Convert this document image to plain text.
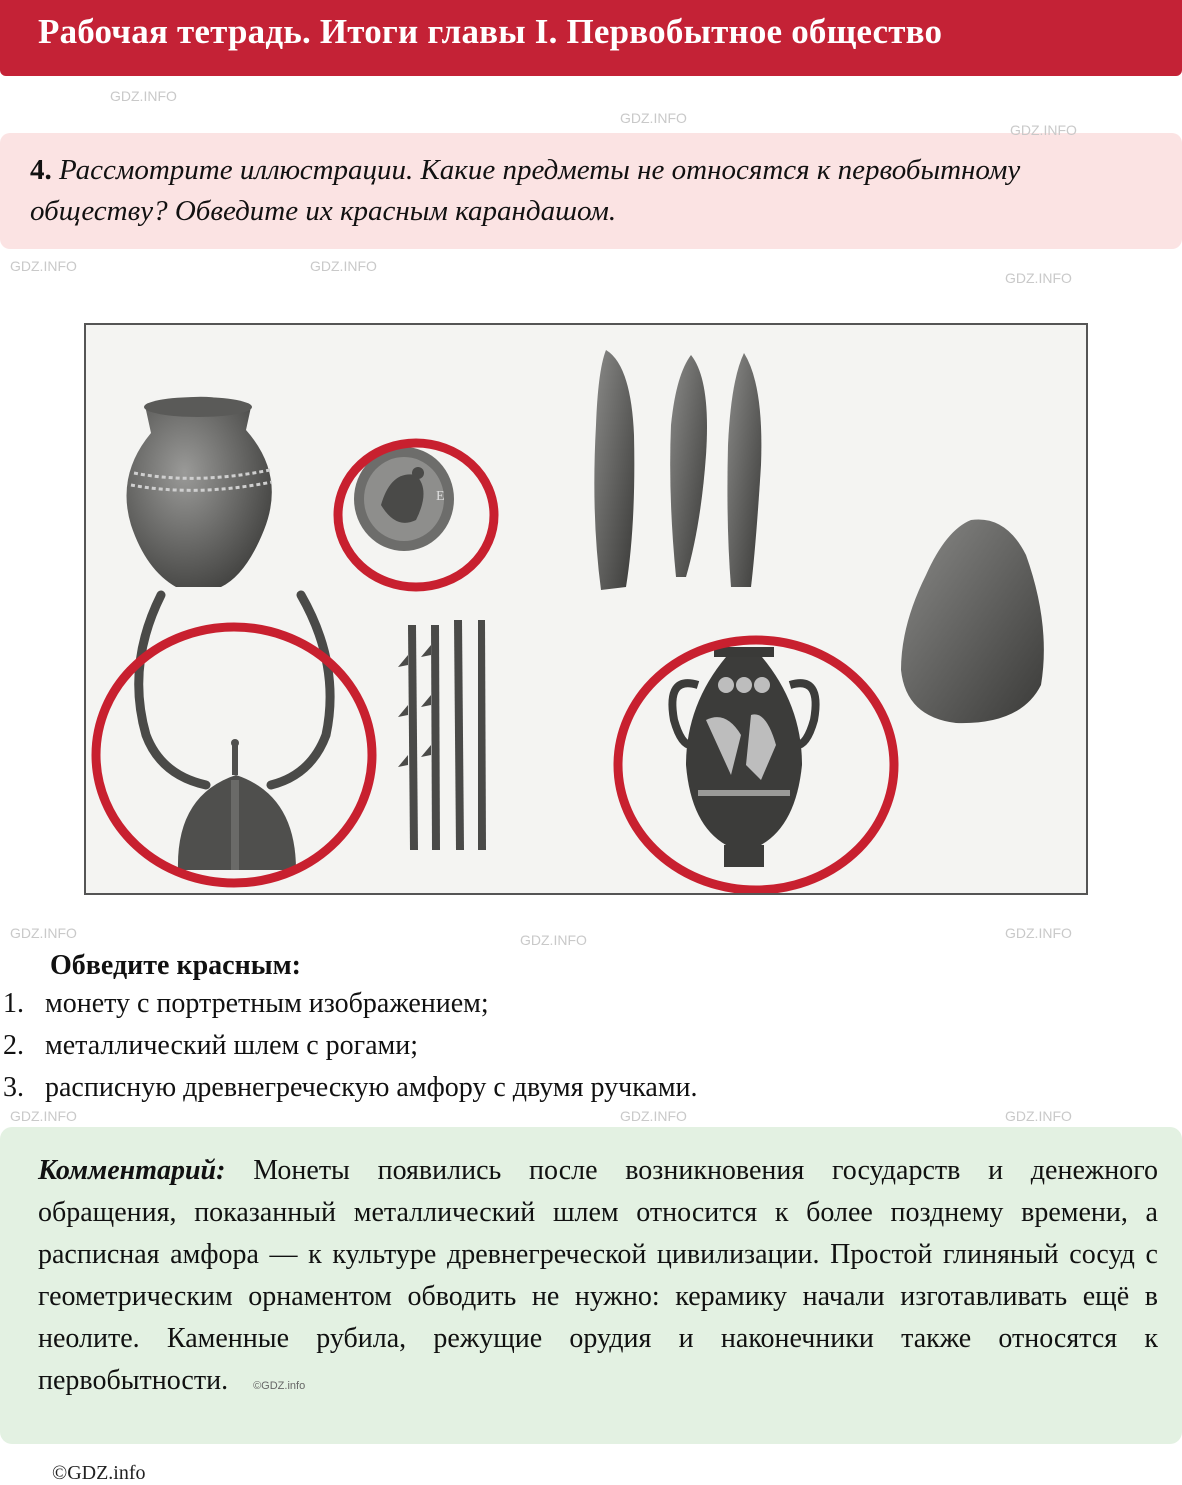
Рабочая тетрадь. Итоги главы I. Первобытное общество
4. Рассмотрите иллюстрации. Какие предметы не относятся к первобытному обществу? Обведите их красным карандашом.
Ε
Обведите красным:
1. монету с портретным изображением;
2. металлический шлем с рогами;
3. расписную древнегреческую амфору с двумя ручками.
Комментарий: Монеты появились после возникновения государств и денежного обращения, показанный металлический шлем относится к более позднему времени, а расписная амфора — к культуре древнегреческой цивилизации. Простой глиняный сосуд с геометрическим орнаментом обводить не нужно: керамику начали изготавливать ещё в неолите. Каменные рубила, режущие орудия и наконечники также относятся к первобытности. ©GDZ.info
©GDZ.info
GDZ.INFO
GDZ.INFO
GDZ.INFO
GDZ.INFO	GDZ.INFO
GDZ.INFO
GDZ.INFO	GDZ.INFO	GDZ.INFO
GDZ.INFO	GDZ.INFO	GDZ.INFO
